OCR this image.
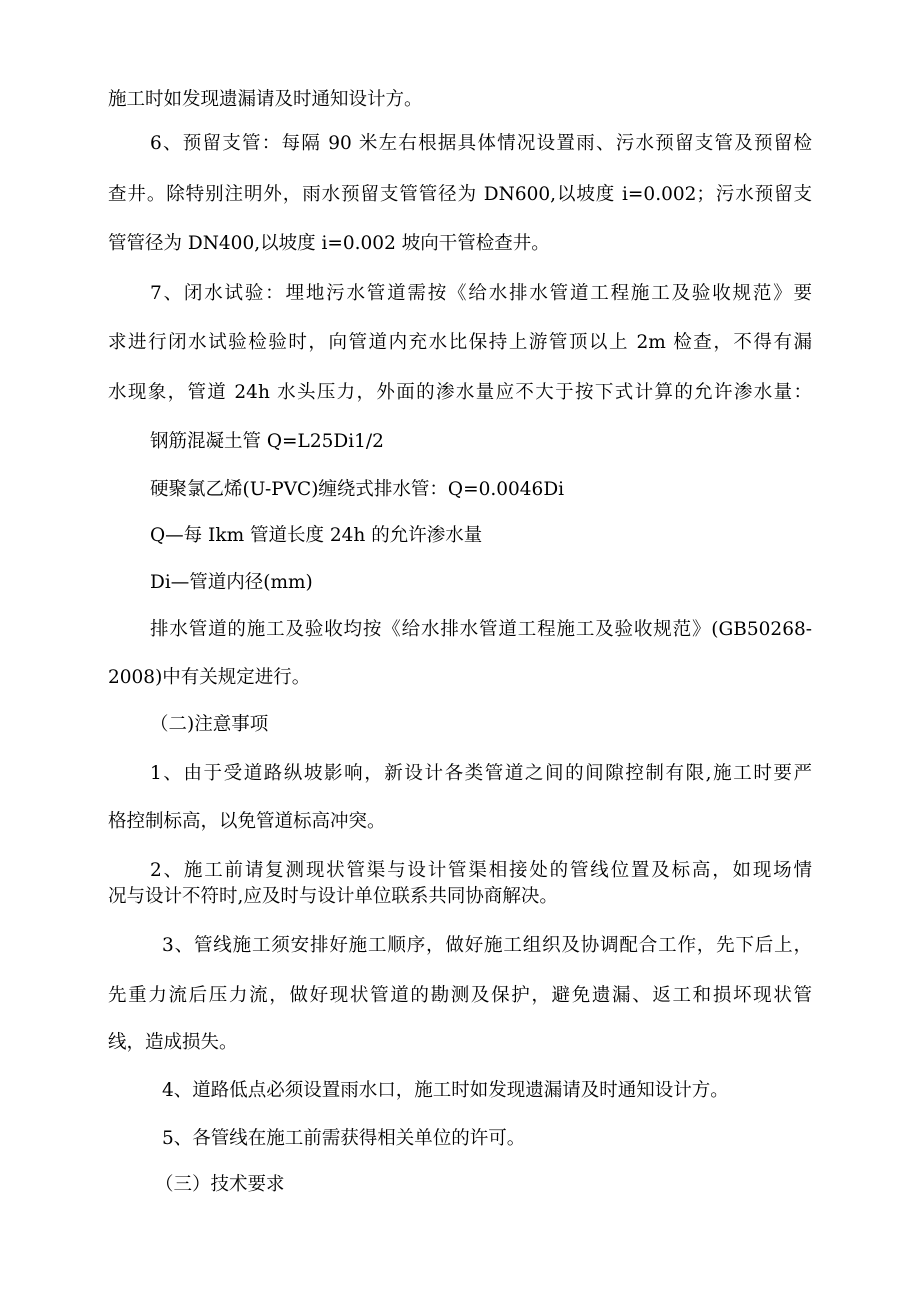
施工时如发现遗漏请及时通知设计方。
6、预留支管：每隔 90 米左右根据具体情况设置雨、污水预留支管及预留检
查井。除特别注明外，雨水预留支管管径为 DN600,以坡度 i=0.002；污水预留支
管管径为 DN400,以坡度 i=0.002 坡向干管检查井。
7、闭水试验：埋地污水管道需按《给水排水管道工程施工及验收规范》要
求进行闭水试验检验时，向管道内充水比保持上游管顶以上 2m 检查，不得有漏
水现象，管道 24h 水头压力，外面的渗水量应不大于按下式计算的允许渗水量：
钢筋混凝土管 Q=L25Di1/2
硬聚氯乙烯(U-PVC)缠绕式排水管：Q=0.0046Di
Q—每 Ikm 管道长度 24h 的允许渗水量
Di—管道内径(mm)
排水管道的施工及验收均按《给水排水管道工程施工及验收规范》(GB50268-
2008)中有关规定进行。
（二)注意事项
1、由于受道路纵坡影响，新设计各类管道之间的间隙控制有限,施工时要严
格控制标高，以免管道标高冲突。
2、施工前请复测现状管渠与设计管渠相接处的管线位置及标高，如现场情
况与设计不符时,应及时与设计单位联系共同协商解决。
3、管线施工须安排好施工顺序，做好施工组织及协调配合工作，先下后上，
先重力流后压力流，做好现状管道的勘测及保护，避免遗漏、返工和损坏现状管
线，造成损失。
4、道路低点必须设置雨水口，施工时如发现遗漏请及时通知设计方。
5、各管线在施工前需获得相关单位的许可。
（三）技术要求
